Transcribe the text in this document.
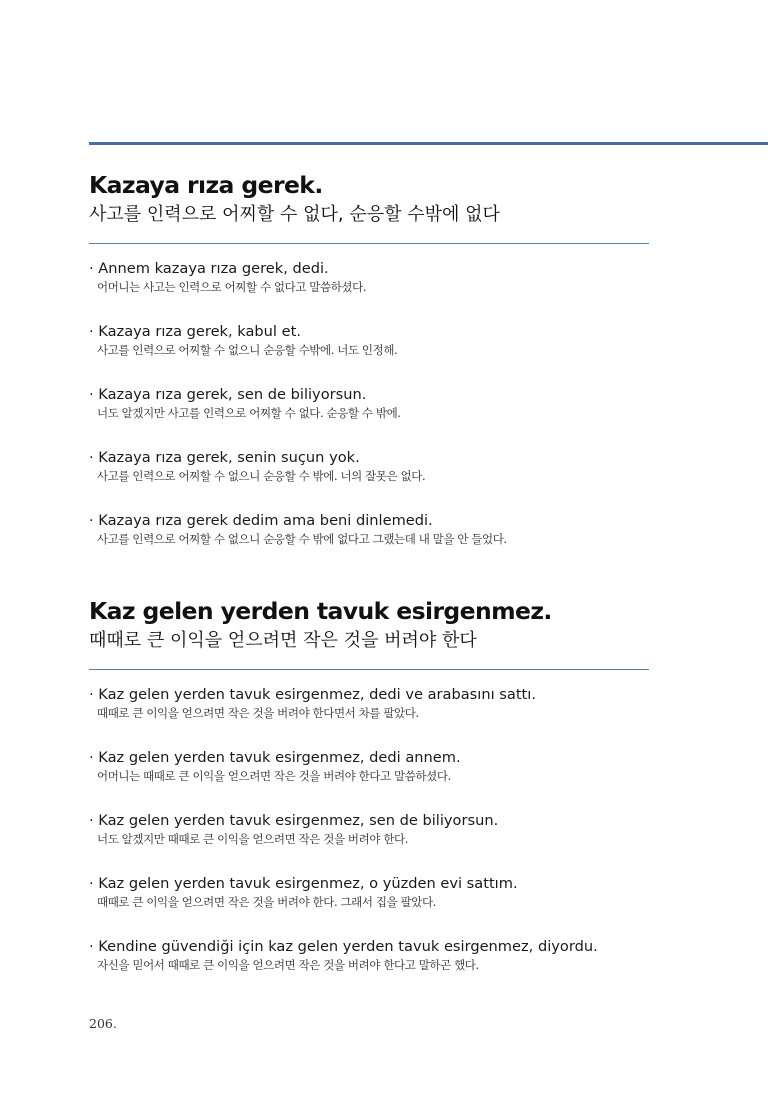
Kazaya rıza gerek.

사고를 인력으로 어찌할 수 없다, 순응할 수밖에 없다

· Annem kazaya rıza gerek, dedi.
어머니는 사고는 인력으로 어찌할 수 없다고 말씀하셨다.
· Kazaya rıza gerek, kabul et.
사고를 인력으로 어찌할 수 없으니 순응할 수밖에. 너도 인정해.
· Kazaya rıza gerek, sen de biliyorsun.
너도 알겠지만 사고를 인력으로 어찌할 수 없다. 순응할 수 밖에.
· Kazaya rıza gerek, senin suçun yok.
사고를 인력으로 어찌할 수 없으니 순응할 수 밖에. 너의 잘못은 없다.
· Kazaya rıza gerek dedim ama beni dinlemedi.
사고를 인력으로 어찌할 수 없으니 순응할 수 밖에 없다고 그랬는데 내 말을 안 들었다.
Kaz gelen yerden tavuk esirgenmez.

때때로 큰 이익을 얻으려면 작은 것을 버려야 한다

· Kaz gelen yerden tavuk esirgenmez, dedi ve arabasını sattı.
때때로 큰 이익을 얻으려면 작은 것을 버려야 한다면서 차를 팔았다.
· Kaz gelen yerden tavuk esirgenmez, dedi annem.
어머니는 때때로 큰 이익을 얻으려면 작은 것을 버려야 한다고 말씀하셨다.
· Kaz gelen yerden tavuk esirgenmez, sen de biliyorsun.
너도 알겠지만 때때로 큰 이익을 얻으려면 작은 것을 버려야 한다.
· Kaz gelen yerden tavuk esirgenmez, o yüzden evi sattım.
때때로 큰 이익을 얻으려면 작은 것을 버려야 한다. 그래서 집을 팔았다.
· Kendine güvendiği için kaz gelen yerden tavuk esirgenmez, diyordu.
자신을 믿어서 때때로 큰 이익을 얻으려면 작은 것을 버려야 한다고 말하곤 했다.
206.
